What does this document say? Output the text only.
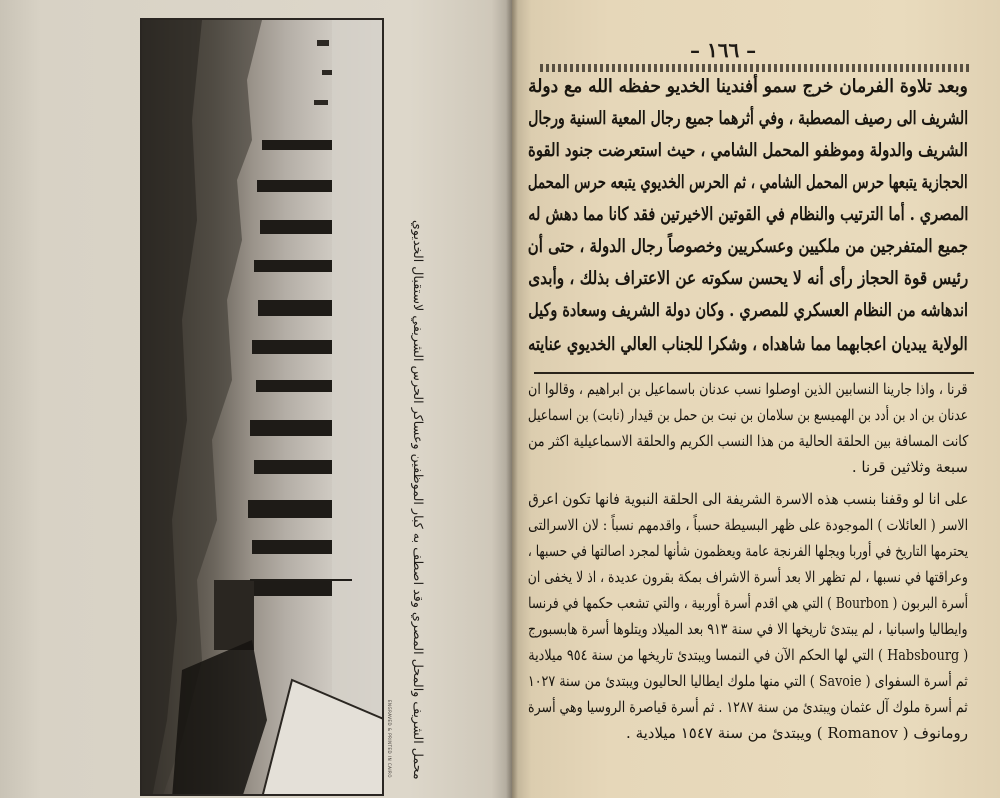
ENGRAVED & PRINTED IN CAIRO محمل الشريف والمحل المصري وقد اصطف به كبار الموظفين وعساكر الحرس الشريفي لاستقبال الخديوي
– ١٦٦ –
وبعد تلاوة الفرمان خرج سمو أفندينا الخديو حفظه الله مع دولة
الشريف الى رصيف المصطبة ، وفي أثرهما جميع رجال المعية السنية ورجال
الشريف والدولة وموظفو المحمل الشامي ، حيث استعرضت جنود القوة
الحجازية يتبعها حرس المحمل الشامي ، ثم الحرس الخديوي يتبعه حرس المحمل
المصري . أما الترتيب والنظام في القوتين الاخيرتين فقد كانا مما دهش له
جميع المتفرجين من ملكيين وعسكريين وخصوصاً رجال الدولة ، حتى أن
رئيس قوة الحجاز رأى أنه لا يحسن سكوته عن الاعتراف بذلك ، وأبدى
اندهاشه من النظام العسكري للمصري . وكان دولة الشريف وسعادة وكيل
الولاية يبديان اعجابهما مما شاهداه ، وشكرا للجناب العالي الخديوي عنايته
قرنا ، واذا جارينا النسابين الذين اوصلوا نسب عدنان باسماعيل بن ابراهيم ، وقالوا ان
عدنان بن اد بن أدد بن الهميسع بن سلامان بن نبت بن حمل بن قيدار (نابت) بن اسماعيل
كانت المسافة بين الحلقة الحالية من هذا النسب الكريم والحلقة الاسماعيلية اكثر من
سبعة وثلاثين قرنا .
على انا لو وقفنا بنسب هذه الاسرة الشريفة الى الحلقة النبوية فانها تكون اعرق
الاسر ( العائلات ) الموجودة على ظهر البسيطة حسباً ، واقدمهم نسباً : لان الاسرالتى
يحترمها التاريخ في أوربا ويجلها الفرنجة عامة ويعظمون شأنها لمجرد اصالتها في حسبها ،
وعراقتها في نسبها ، لم تظهر الا بعد أسرة الاشراف بمكة بقرون عديدة ، اذ لا يخفى ان
أسرة البربون ( Bourbon ) التي هي اقدم أسرة أوربية ، والتي تشعب حكمها في فرنسا
وايطاليا واسبانيا ، لم يبتدئ تاريخها الا في سنة ٩١٣ بعد الميلاد ويتلوها أسرة هابسبورج
( Habsbourg ) التي لها الحكم الآن في النمسا ويبتدئ تاريخها من سنة ٩٥٤ ميلادية
ثم أسرة السفواى ( Savoie ) التي منها ملوك ايطاليا الحاليون ويبتدئ من سنة ١٠٢٧
ثم أسرة ملوك آل عثمان ويبتدئ من سنة ١٢٨٧ . ثم أسرة قياصرة الروسيا وهي أسرة
رومانوف ( Romanov ) ويبتدئ من سنة ١٥٤٧ ميلادية .
